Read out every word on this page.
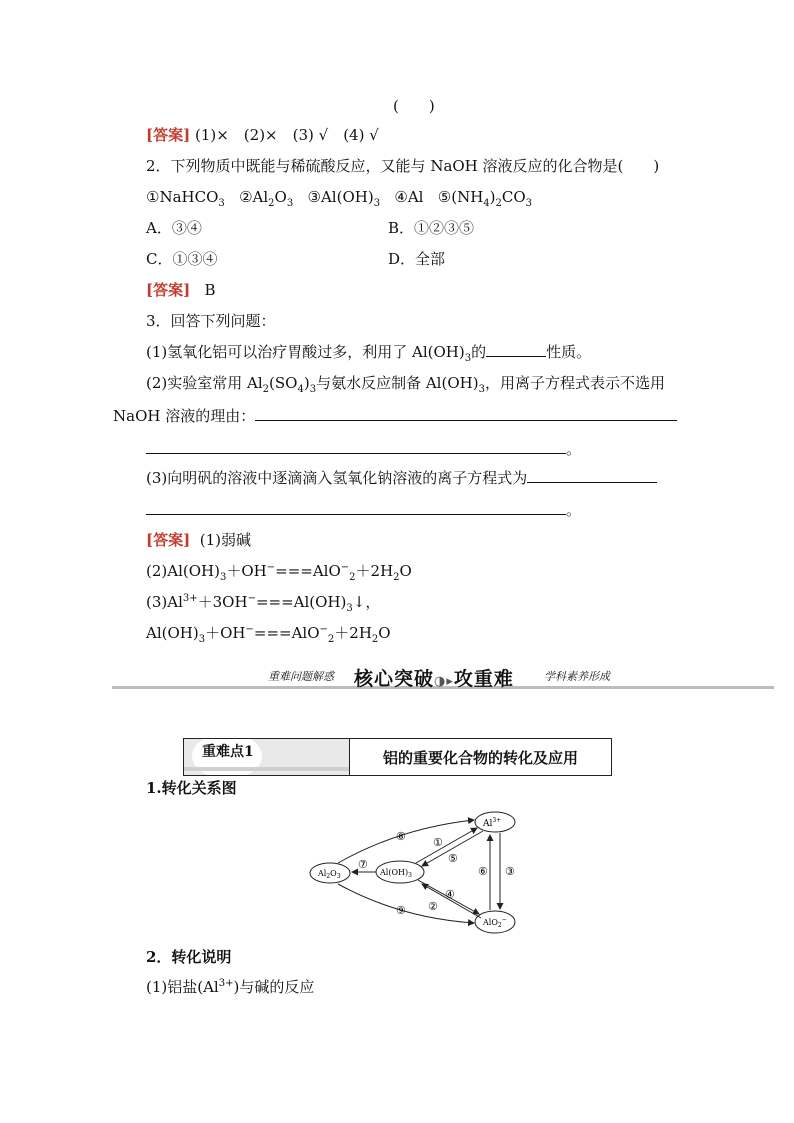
(　　)
[答案] (1)×　(2)×　(3) √　(4) √
2．下列物质中既能与稀硫酸反应，又能与 NaOH 溶液反应的化合物是(　　)
①NaHCO$_3$ $②Al_2O_3$ $③Al(OH)_3$ ④Al $⑤(NH_4)_2CO_3$
A．③④	B．①②③⑤
C．①③④	D．全部
[答案] B
3．回答下列问题：
(1)氢氧化铝可以治疗胃酸过多，利用了 $Al(OH)_3$的	性质。
(2)实验室常用 $Al_2(SO_4)_3$与氨水反应制备 $Al(OH)_3$，用离子方程式表示不选用
NaOH 溶液的理由：
。
(3)向明矾的溶液中逐滴滴入氢氧化钠溶液的离子方程式为
。
[答案] (1)弱碱
$(2)Al(OH)_3+OH^-===AlO^-_2+2H_2O$
$(3)Al^{3+}+3OH^-===Al(OH)_3↓$，
$Al(OH)_3+OH^-===AlO^-_2+2H_2O$
重难问题解惑 核心突破◑▸攻重难	学科素养形成
重难点1	铝的重要化合物的转化及应用
1.转化关系图
$Al^{3+}$
$Al_2O_3$	$Al(OH)_3$
AlO$_2$−
⑧ ①
⑤
⑦
④
②
⑨
⑥ ③
2．转化说明
(1)铝盐$(Al^{3+})$与碱的反应
